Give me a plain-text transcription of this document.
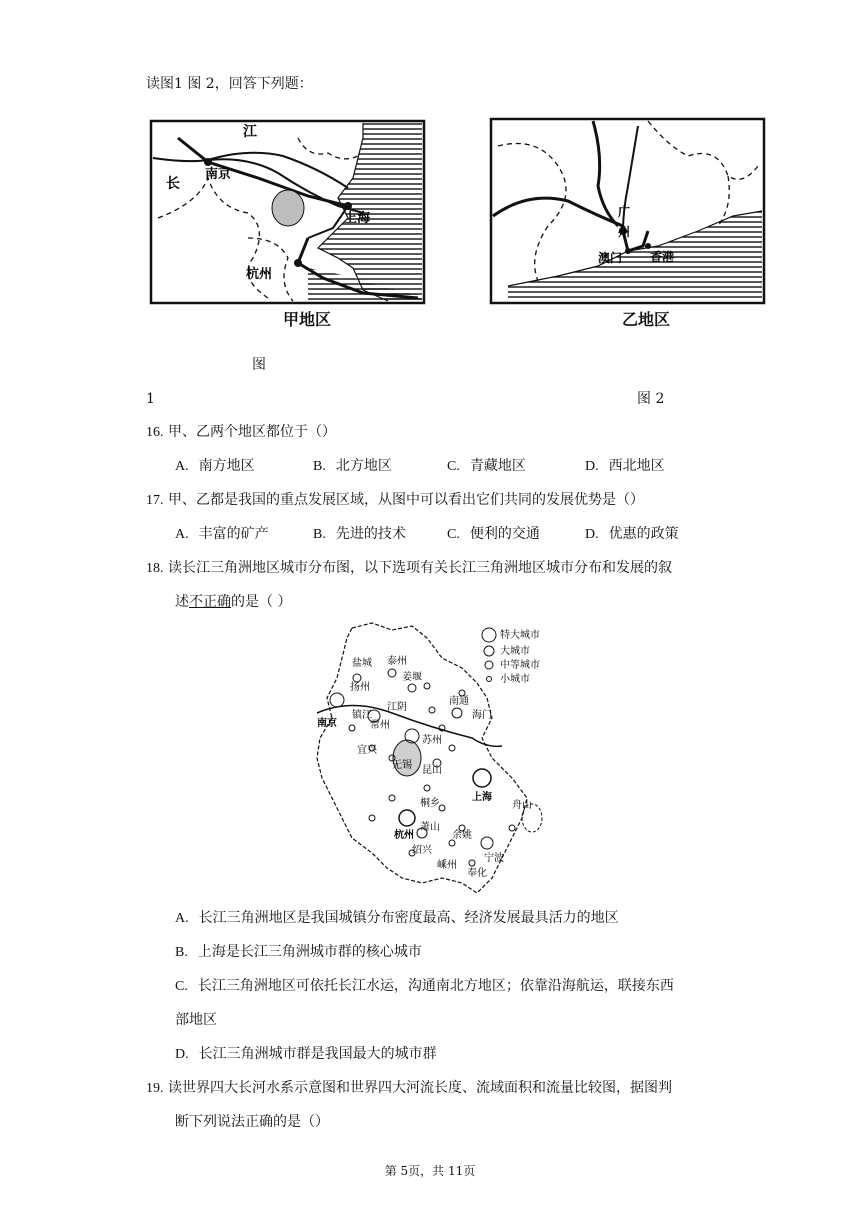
读图1 图 2，回答下列题：
江
长
南京
上海
杭州
甲地区
广
州
澳门 香港
乙地区
图
1	图 2
16. 甲、乙两个地区都位于（）
A. 南方地区	B. 北方地区	C. 青藏地区	D. 西北地区
17. 甲、乙都是我国的重点发展区域，从图中可以看出它们共同的发展优势是（）
A. 丰富的矿产	B. 先进的技术	C. 便利的交通	D. 优惠的政策
18. 读长江三角洲地区城市分布图，以下选项有关长江三角洲地区城市分布和发展的叙
述不正确的是（ ）
特大城市
大城市
中等城市
小城市
盐城 泰州
扬州
姜堰
南通
镇江
常州
南京
苏州
江阴
海门
宜兴
无锡 昆山
上海
桐乡
杭州
萧山
绍兴
宁波
余姚
舟山
奉化
嵊州
A. 长江三角洲地区是我国城镇分布密度最高、经济发展最具活力的地区
B. 上海是长江三角洲城市群的核心城市
C. 长江三角洲地区可依托长江水运，沟通南北方地区；依靠沿海航运，联接东西
部地区
D. 长江三角洲城市群是我国最大的城市群
19. 读世界四大长河水系示意图和世界四大河流长度、流域面积和流量比较图，据图判
断下列说法正确的是（）
第 5页，共 11页
